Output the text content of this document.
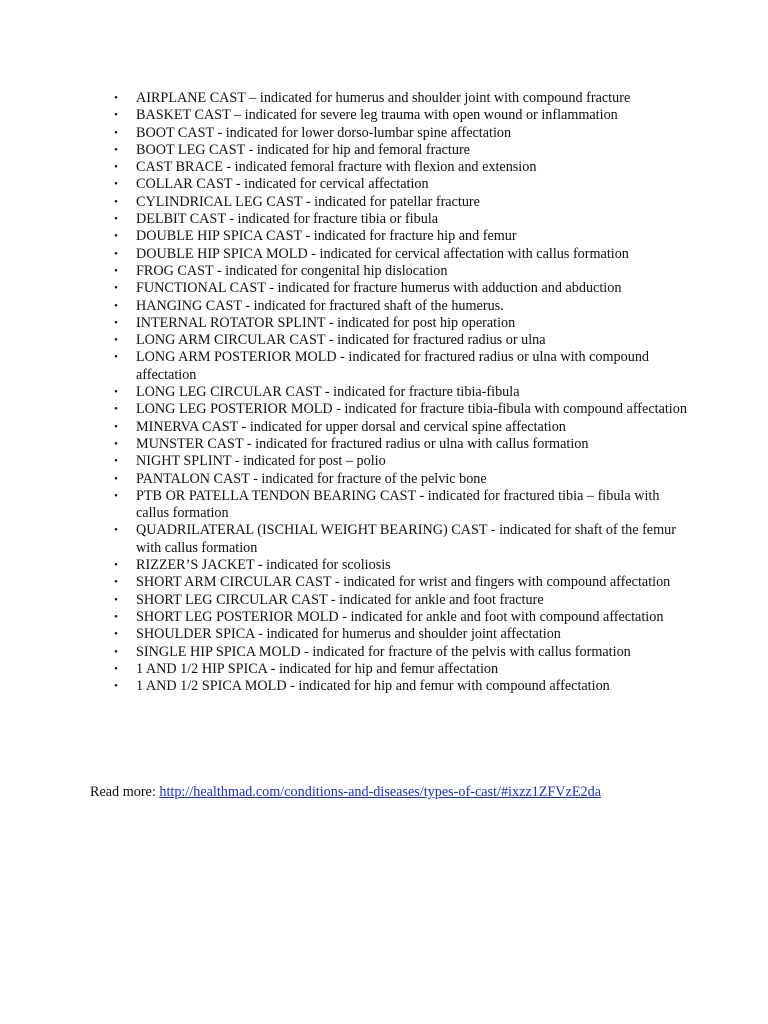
• AIRPLANE CAST – indicated for humerus and shoulder joint with compound fracture
• BASKET CAST – indicated for severe leg trauma with open wound or inflammation
• BOOT CAST - indicated for lower dorso-lumbar spine affectation
• BOOT LEG CAST - indicated for hip and femoral fracture
• CAST BRACE - indicated femoral fracture with flexion and extension
• COLLAR CAST - indicated for cervical affectation
• CYLINDRICAL LEG CAST - indicated for patellar fracture
• DELBIT CAST - indicated for fracture tibia or fibula
• DOUBLE HIP SPICA CAST - indicated for fracture hip and femur
• DOUBLE HIP SPICA MOLD - indicated for cervical affectation with callus formation
• FROG CAST - indicated for congenital hip dislocation
• FUNCTIONAL CAST - indicated for fracture humerus with adduction and abduction
• HANGING CAST - indicated for fractured shaft of the humerus.
• INTERNAL ROTATOR SPLINT - indicated for post hip operation
• LONG ARM CIRCULAR CAST - indicated for fractured radius or ulna
• LONG ARM POSTERIOR MOLD - indicated for fractured radius or ulna with compound affectation
• LONG LEG CIRCULAR CAST - indicated for fracture tibia-fibula
• LONG LEG POSTERIOR MOLD - indicated for fracture tibia-fibula with compound affectation
• MINERVA CAST - indicated for upper dorsal and cervical spine affectation
• MUNSTER CAST - indicated for fractured radius or ulna with callus formation
• NIGHT SPLINT - indicated for post – polio
• PANTALON CAST - indicated for fracture of the pelvic bone
• PTB OR PATELLA TENDON BEARING CAST - indicated for fractured tibia – fibula with callus formation
• QUADRILATERAL (ISCHIAL WEIGHT BEARING) CAST - indicated for shaft of the femur with callus formation
• RIZZER’S JACKET - indicated for scoliosis
• SHORT ARM CIRCULAR CAST - indicated for wrist and fingers with compound affectation
• SHORT LEG CIRCULAR CAST - indicated for ankle and foot fracture
• SHORT LEG POSTERIOR MOLD - indicated for ankle and foot with compound affectation
• SHOULDER SPICA - indicated for humerus and shoulder joint affectation
• SINGLE HIP SPICA MOLD - indicated for fracture of the pelvis with callus formation
• 1 AND 1/2 HIP SPICA - indicated for hip and femur affectation
• 1 AND 1/2 SPICA MOLD - indicated for hip and femur with compound affectation
Read more: http://healthmad.com/conditions-and-diseases/types-of-cast/#ixzz1ZFVzE2da
